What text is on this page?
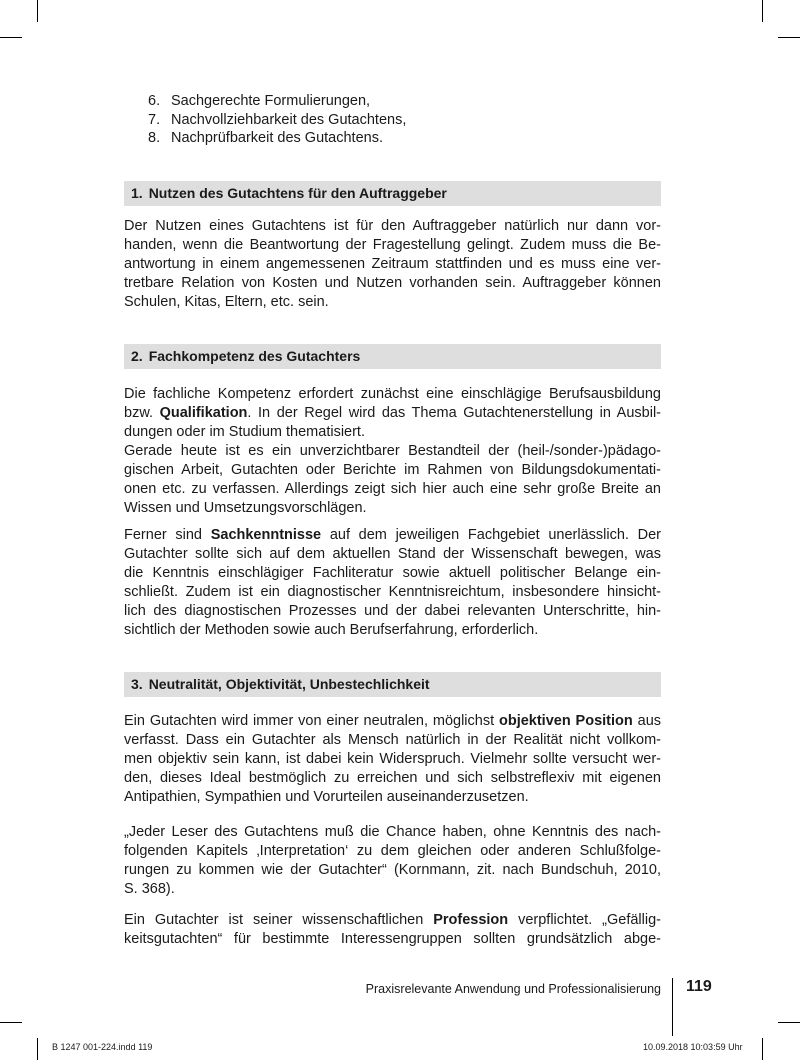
6. Sachgerechte Formulierungen,
7. Nachvollziehbarkeit des Gutachtens,
8. Nachprüfbarkeit des Gutachtens.
1. Nutzen des Gutachtens für den Auftraggeber
Der Nutzen eines Gutachtens ist für den Auftraggeber natürlich nur dann vor-
handen, wenn die Beantwortung der Fragestellung gelingt. Zudem muss die Be-
antwortung in einem angemessenen Zeitraum stattfinden und es muss eine ver-
tretbare Relation von Kosten und Nutzen vorhanden sein. Auftraggeber können
Schulen, Kitas, Eltern, etc. sein.
2. Fachkompetenz des Gutachters
Die fachliche Kompetenz erfordert zunächst eine einschlägige Berufsausbildung
bzw. Qualifikation. In der Regel wird das Thema Gutachtenerstellung in Ausbil-
dungen oder im Studium thematisiert.
Gerade heute ist es ein unverzichtbarer Bestandteil der (heil-/sonder-)pädago-
gischen Arbeit, Gutachten oder Berichte im Rahmen von Bildungsdokumentati-
onen etc. zu verfassen. Allerdings zeigt sich hier auch eine sehr große Breite an
Wissen und Umsetzungsvorschlägen.
Ferner sind Sachkenntnisse auf dem jeweiligen Fachgebiet unerlässlich. Der
Gutachter sollte sich auf dem aktuellen Stand der Wissenschaft bewegen, was
die Kenntnis einschlägiger Fachliteratur sowie aktuell politischer Belange ein-
schließt. Zudem ist ein diagnostischer Kenntnisreichtum, insbesondere hinsicht-
lich des diagnostischen Prozesses und der dabei relevanten Unterschritte, hin-
sichtlich der Methoden sowie auch Berufserfahrung, erforderlich.
3. Neutralität, Objektivität, Unbestechlichkeit
Ein Gutachten wird immer von einer neutralen, möglichst objektiven Position aus
verfasst. Dass ein Gutachter als Mensch natürlich in der Realität nicht vollkom-
men objektiv sein kann, ist dabei kein Widerspruch. Vielmehr sollte versucht wer-
den, dieses Ideal bestmöglich zu erreichen und sich selbstreflexiv mit eigenen
Antipathien, Sympathien und Vorurteilen auseinanderzusetzen.
„Jeder Leser des Gutachtens muß die Chance haben, ohne Kenntnis des nach-
folgenden Kapitels ‚Interpretation‘ zu dem gleichen oder anderen Schlußfolge-
rungen zu kommen wie der Gutachter“ (Kornmann, zit. nach Bundschuh, 2010,
S. 368).
Ein Gutachter ist seiner wissenschaftlichen Profession verpflichtet. „Gefällig-
keitsgutachten“ für bestimmte Interessengruppen sollten grundsätzlich abge-
Praxisrelevante Anwendung und Professionalisierung 119
B 1247 001-224.indd 119	10.09.2018 10:03:59 Uhr
